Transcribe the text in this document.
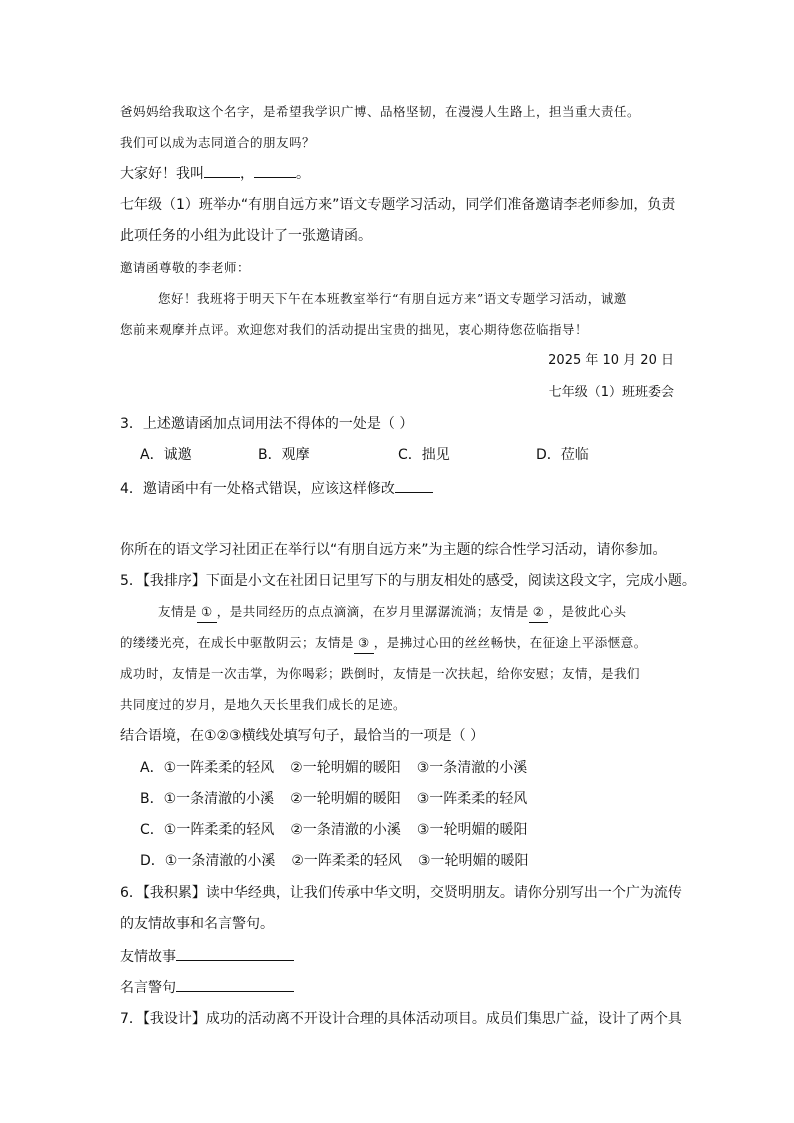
爸妈妈给我取这个名字，是希望我学识广博、品格坚韧，在漫漫人生路上，担当重大责任。
我们可以成为志同道合的朋友吗？
大家好！我叫	，	。
七年级（1）班举办“有朋自远方来”语文专题学习活动，同学们准备邀请李老师参加，负责
此项任务的小组为此设计了一张邀请函。
邀请函尊敬的李老师：
您好！我班将于明天下午在本班教室举行“有朋自远方来”语文专题学习活动，诚邀
您前来观摩并点评。欢迎您对我们的活动提出宝贵的拙见，衷心期待您莅临指导！
2025 年 10 月 20 日
七年级（1）班班委会
3．上述邀请函加点词用法不得体的一处是（ ）
A．诚邀	B．观摩	C．拙见	D．莅临
4．邀请函中有一处格式错误，应该这样修改
你所在的语文学习社团正在举行以“有朋自远方来”为主题的综合性学习活动，请你参加。
5．【我排序】下面是小文在社团日记里写下的与朋友相处的感受，阅读这段文字，完成小题。
友情是 ① ，是共同经历的点点滴滴，在岁月里潺潺流淌；友情是 ② ，是彼此心头
的缕缕光亮，在成长中驱散阴云；友情是 ③ ，是拂过心田的丝丝畅快，在征途上平添惬意。
成功时，友情是一次击掌，为你喝彩；跌倒时，友情是一次扶起，给你安慰；友情，是我们
共同度过的岁月，是地久天长里我们成长的足迹。
结合语境，在①②③横线处填写句子，最恰当的一项是（ ）
A．①一阵柔柔的轻风 ②一轮明媚的暖阳 ③一条清澈的小溪
B．①一条清澈的小溪 ②一轮明媚的暖阳 ③一阵柔柔的轻风
C．①一阵柔柔的轻风 ②一条清澈的小溪 ③一轮明媚的暖阳
D．①一条清澈的小溪 ②一阵柔柔的轻风 ③一轮明媚的暖阳
6．【我积累】读中华经典，让我们传承中华文明，交贤明朋友。请你分别写出一个广为流传
的友情故事和名言警句。
友情故事
名言警句
7．【我设计】成功的活动离不开设计合理的具体活动项目。成员们集思广益，设计了两个具
